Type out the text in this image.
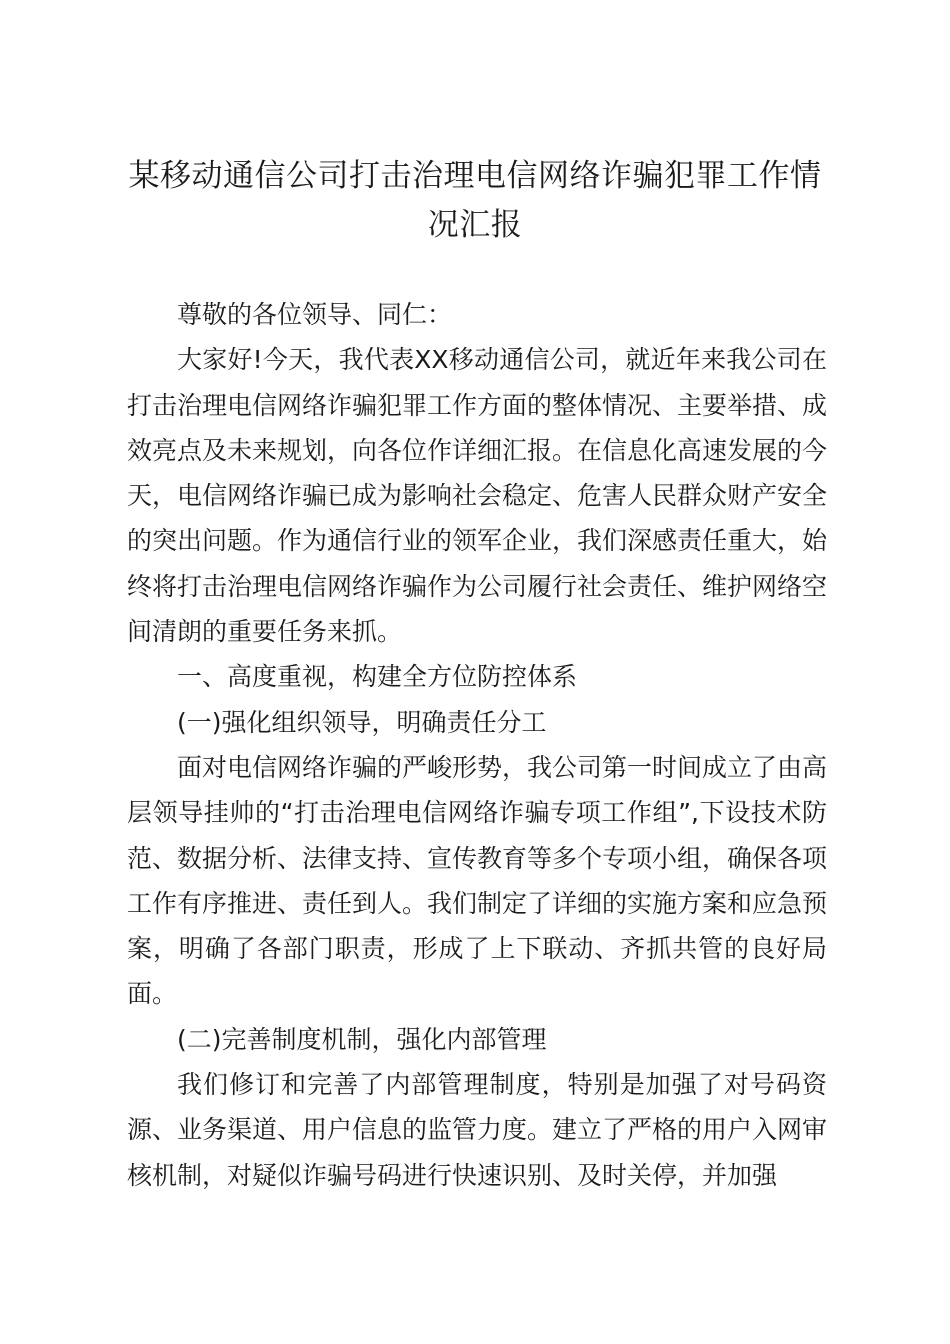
某移动通信公司打击治理电信网络诈骗犯罪工作情况汇报

尊敬的各位领导、同仁：

大家好!今天，我代表XX移动通信公司，就近年来我公司在打击治理电信网络诈骗犯罪工作方面的整体情况、主要举措、成效亮点及未来规划，向各位作详细汇报。在信息化高速发展的今天，电信网络诈骗已成为影响社会稳定、危害人民群众财产安全的突出问题。作为通信行业的领军企业，我们深感责任重大，始终将打击治理电信网络诈骗作为公司履行社会责任、维护网络空间清朗的重要任务来抓。

一、高度重视，构建全方位防控体系

(一)强化组织领导，明确责任分工

面对电信网络诈骗的严峻形势，我公司第一时间成立了由高层领导挂帅的“打击治理电信网络诈骗专项工作组”,下设技术防范、数据分析、法律支持、宣传教育等多个专项小组，确保各项工作有序推进、责任到人。我们制定了详细的实施方案和应急预案，明确了各部门职责，形成了上下联动、齐抓共管的良好局面。

(二)完善制度机制，强化内部管理

我们修订和完善了内部管理制度，特别是加强了对号码资源、业务渠道、用户信息的监管力度。建立了严格的用户入网审核机制，对疑似诈骗号码进行快速识别、及时关停，并加强
